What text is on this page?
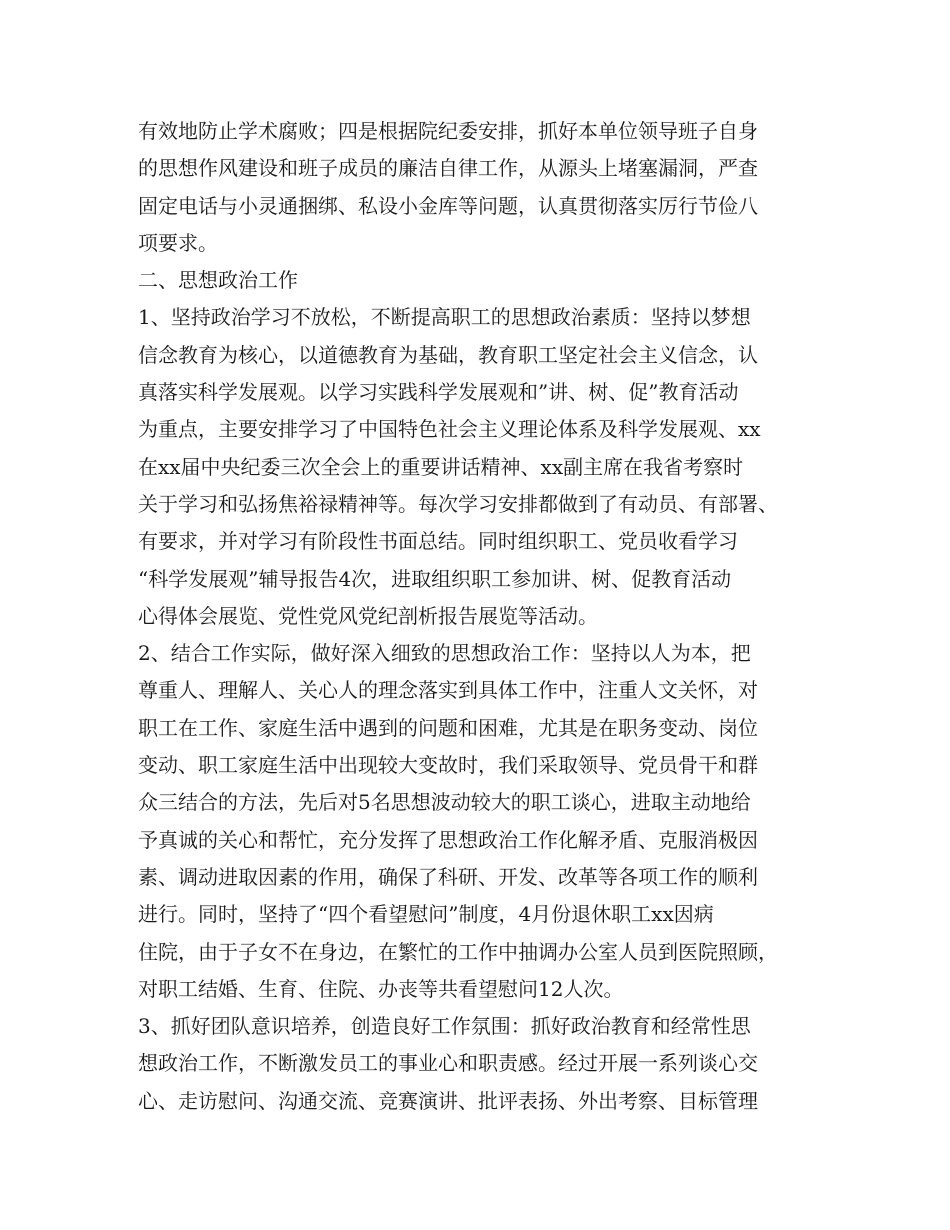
有效地防止学术腐败；四是根据院纪委安排，抓好本单位领导班子自身
的思想作风建设和班子成员的廉洁自律工作，从源头上堵塞漏洞，严查
固定电话与小灵通捆绑、私设小金库等问题，认真贯彻落实厉行节俭八
项要求。
二、思想政治工作
1、坚持政治学习不放松，不断提高职工的思想政治素质：坚持以梦想
信念教育为核心，以道德教育为基础，教育职工坚定社会主义信念，认
真落实科学发展观。以学习实践科学发展观和”讲、树、促”教育活动
为重点，主要安排学习了中国特色社会主义理论体系及科学发展观、xx
在xx届中央纪委三次全会上的重要讲话精神、xx副主席在我省考察时
关于学习和弘扬焦裕禄精神等。每次学习安排都做到了有动员、有部署、
有要求，并对学习有阶段性书面总结。同时组织职工、党员收看学习
“科学发展观”辅导报告4次，进取组织职工参加讲、树、促教育活动
心得体会展览、党性党风党纪剖析报告展览等活动。
2、结合工作实际，做好深入细致的思想政治工作：坚持以人为本，把
尊重人、理解人、关心人的理念落实到具体工作中，注重人文关怀，对
职工在工作、家庭生活中遇到的问题和困难，尤其是在职务变动、岗位
变动、职工家庭生活中出现较大变故时，我们采取领导、党员骨干和群
众三结合的方法，先后对5名思想波动较大的职工谈心，进取主动地给
予真诚的关心和帮忙，充分发挥了思想政治工作化解矛盾、克服消极因
素、调动进取因素的作用，确保了科研、开发、改革等各项工作的顺利
进行。同时，坚持了“四个看望慰问”制度，4月份退休职工xx因病
住院，由于子女不在身边，在繁忙的工作中抽调办公室人员到医院照顾，
对职工结婚、生育、住院、办丧等共看望慰问12人次。
3、抓好团队意识培养，创造良好工作氛围：抓好政治教育和经常性思
想政治工作，不断激发员工的事业心和职责感。经过开展一系列谈心交
心、走访慰问、沟通交流、竞赛演讲、批评表扬、外出考察、目标管理
